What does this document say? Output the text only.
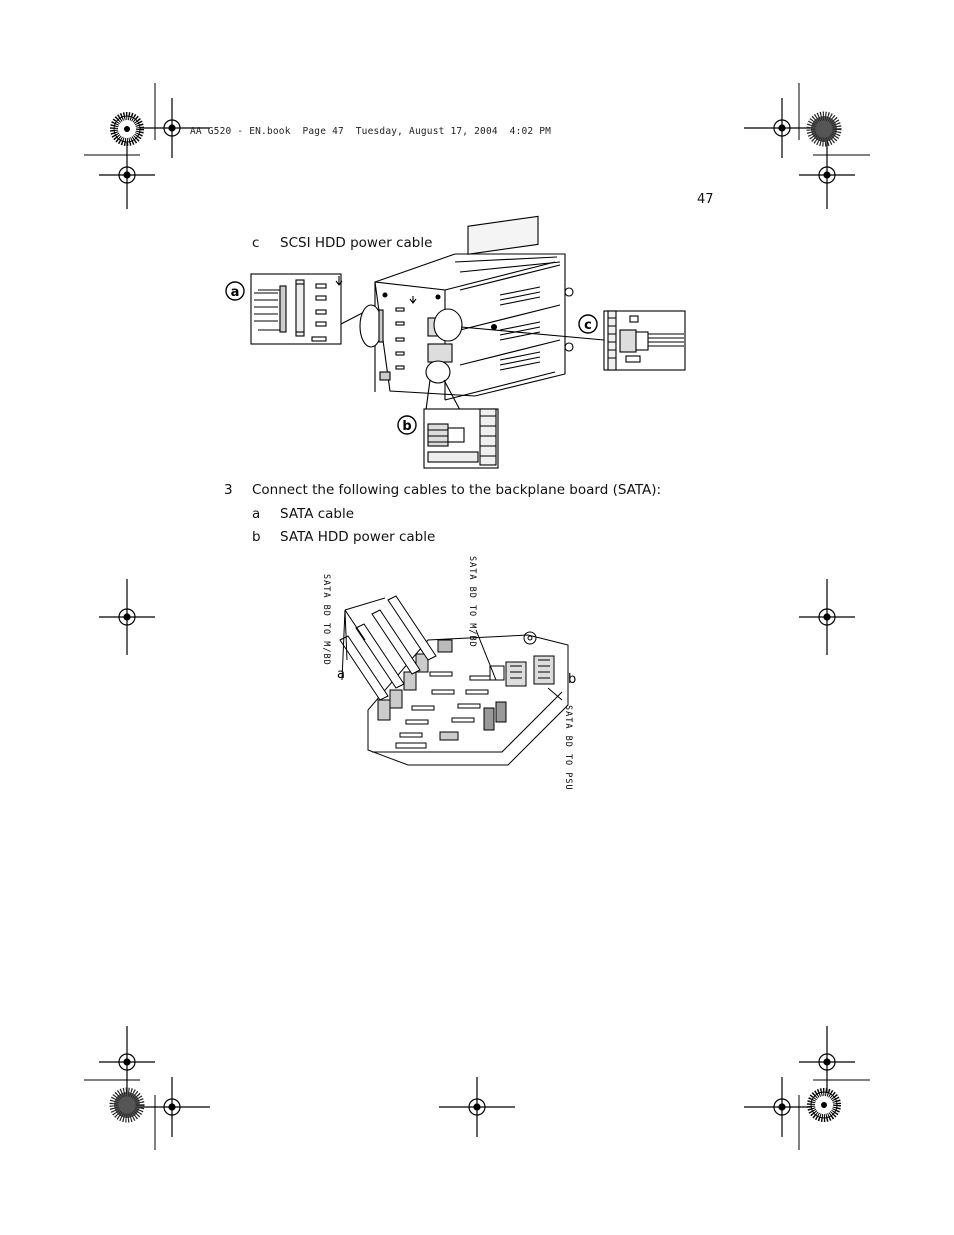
AA G520 - EN.book  Page 47  Tuesday, August 17, 2004  4:02 PM
47
c SCSI HDD power cable
a
c
b
3 Connect the following cables to the backplane board (SATA):
a SATA cable
b SATA HDD power cable
a	b
SATA BD TO M/BD	SATA BD TO M/BD
SATA BD TO PSU
